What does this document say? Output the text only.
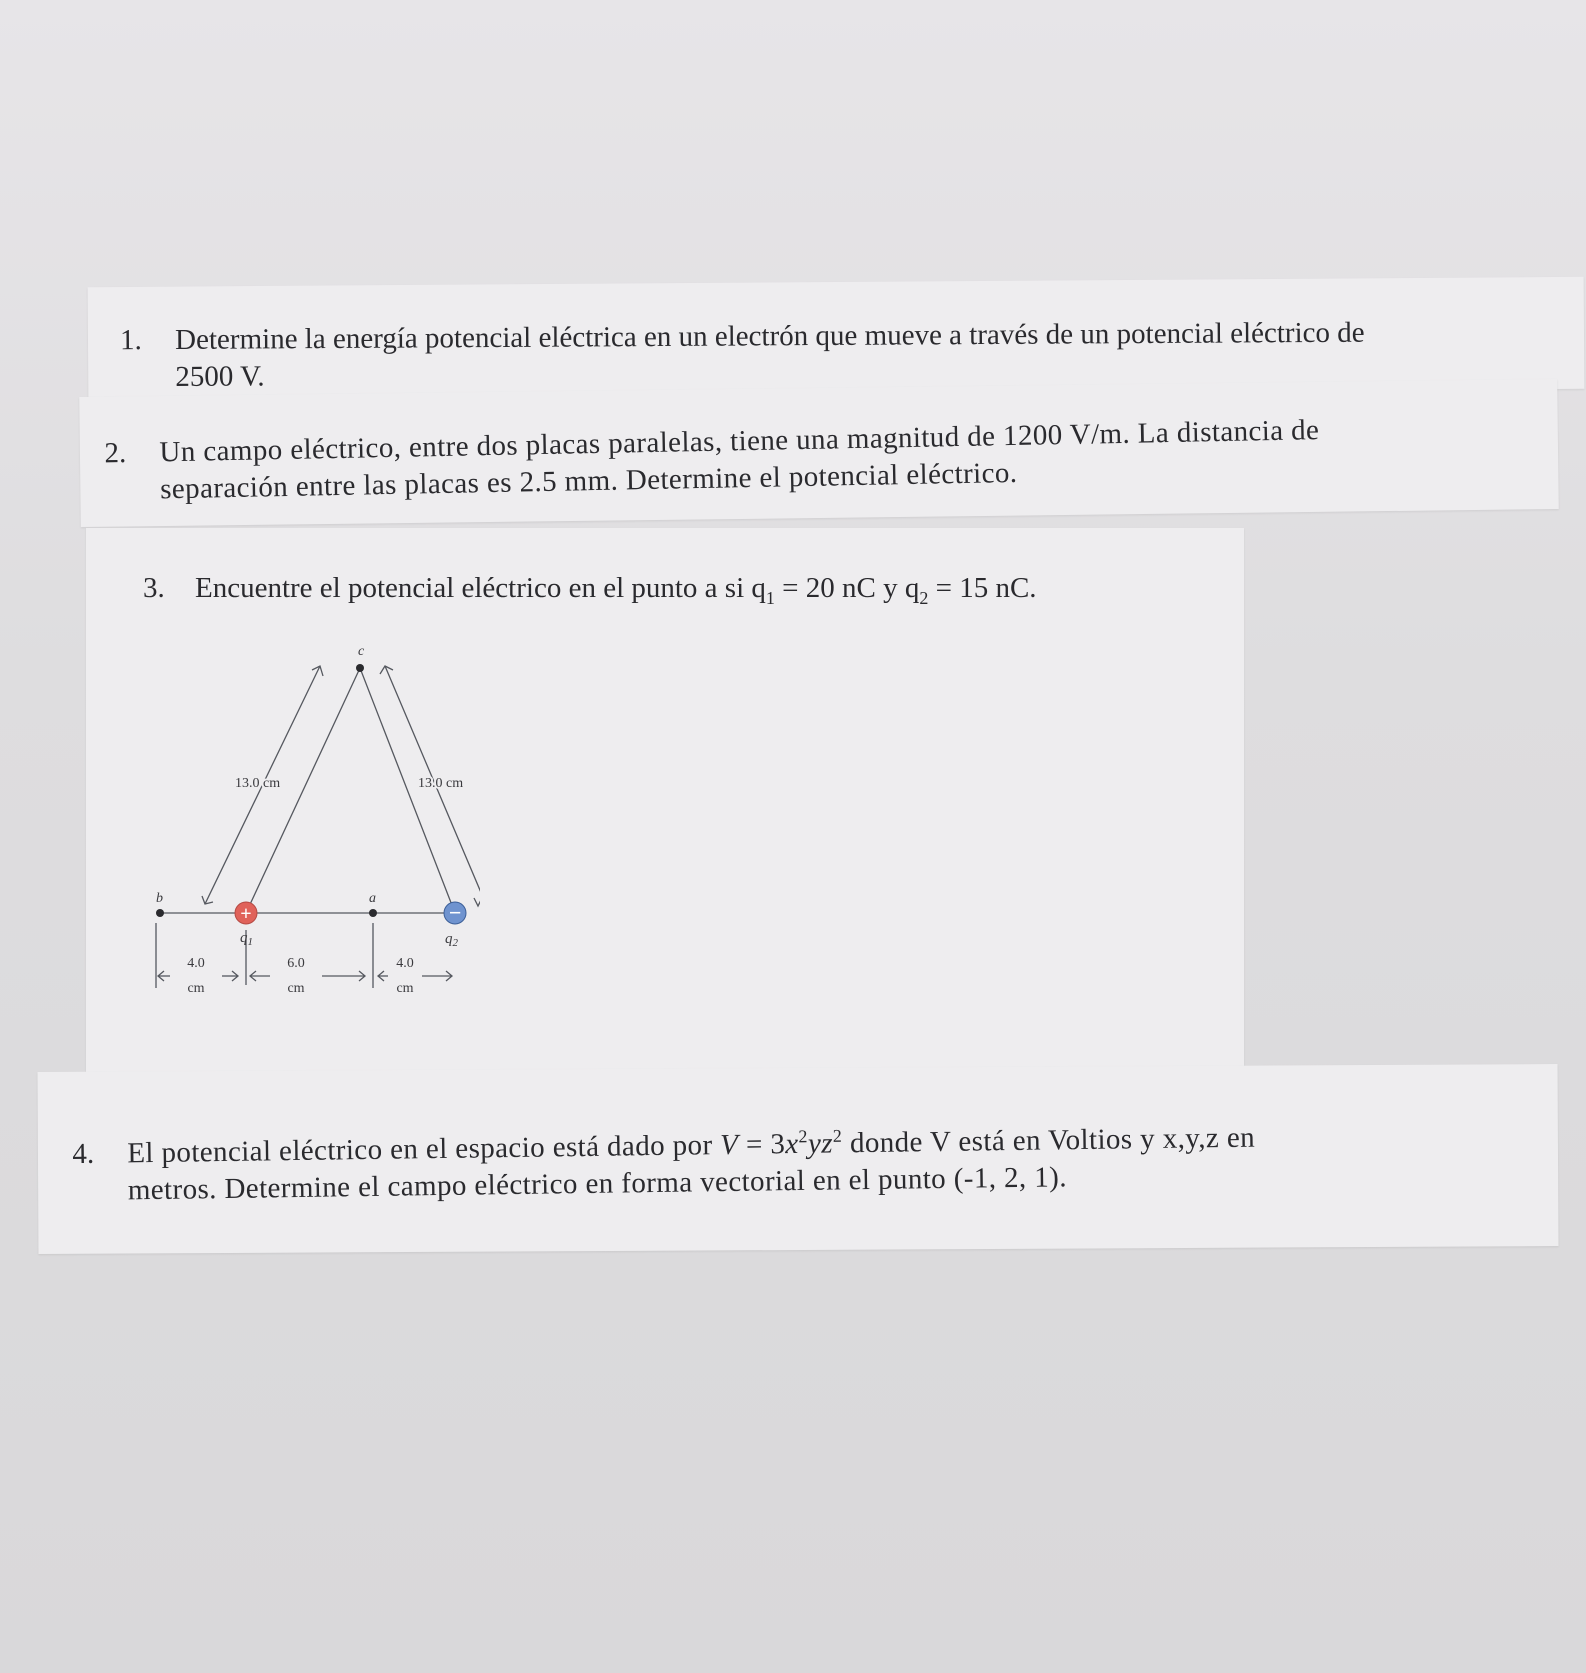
1. Determine la energía potencial eléctrica en un electrón que mueve a través de un potencial eléctrico de
2500 V.
2. Un campo eléctrico, entre dos placas paralelas, tiene una magnitud de 1200 V/m. La distancia de
separación entre las placas es 2.5 mm. Determine el potencial eléctrico.
3. Encuentre el potencial eléctrico en el punto a si $q_1 = 20$ nC y $q_2 = 15$ nC.
+	−
c
b	a
$q_1$	$q_2$
13.0 cm	13.0 cm
4.0
cm
6.0
cm
4.0
cm
4. El potencial eléctrico en el espacio está dado por $V = 3x^2yz^2$ donde V está en Voltios y x,y,z en
metros. Determine el campo eléctrico en forma vectorial en el punto (-1, 2, 1).
